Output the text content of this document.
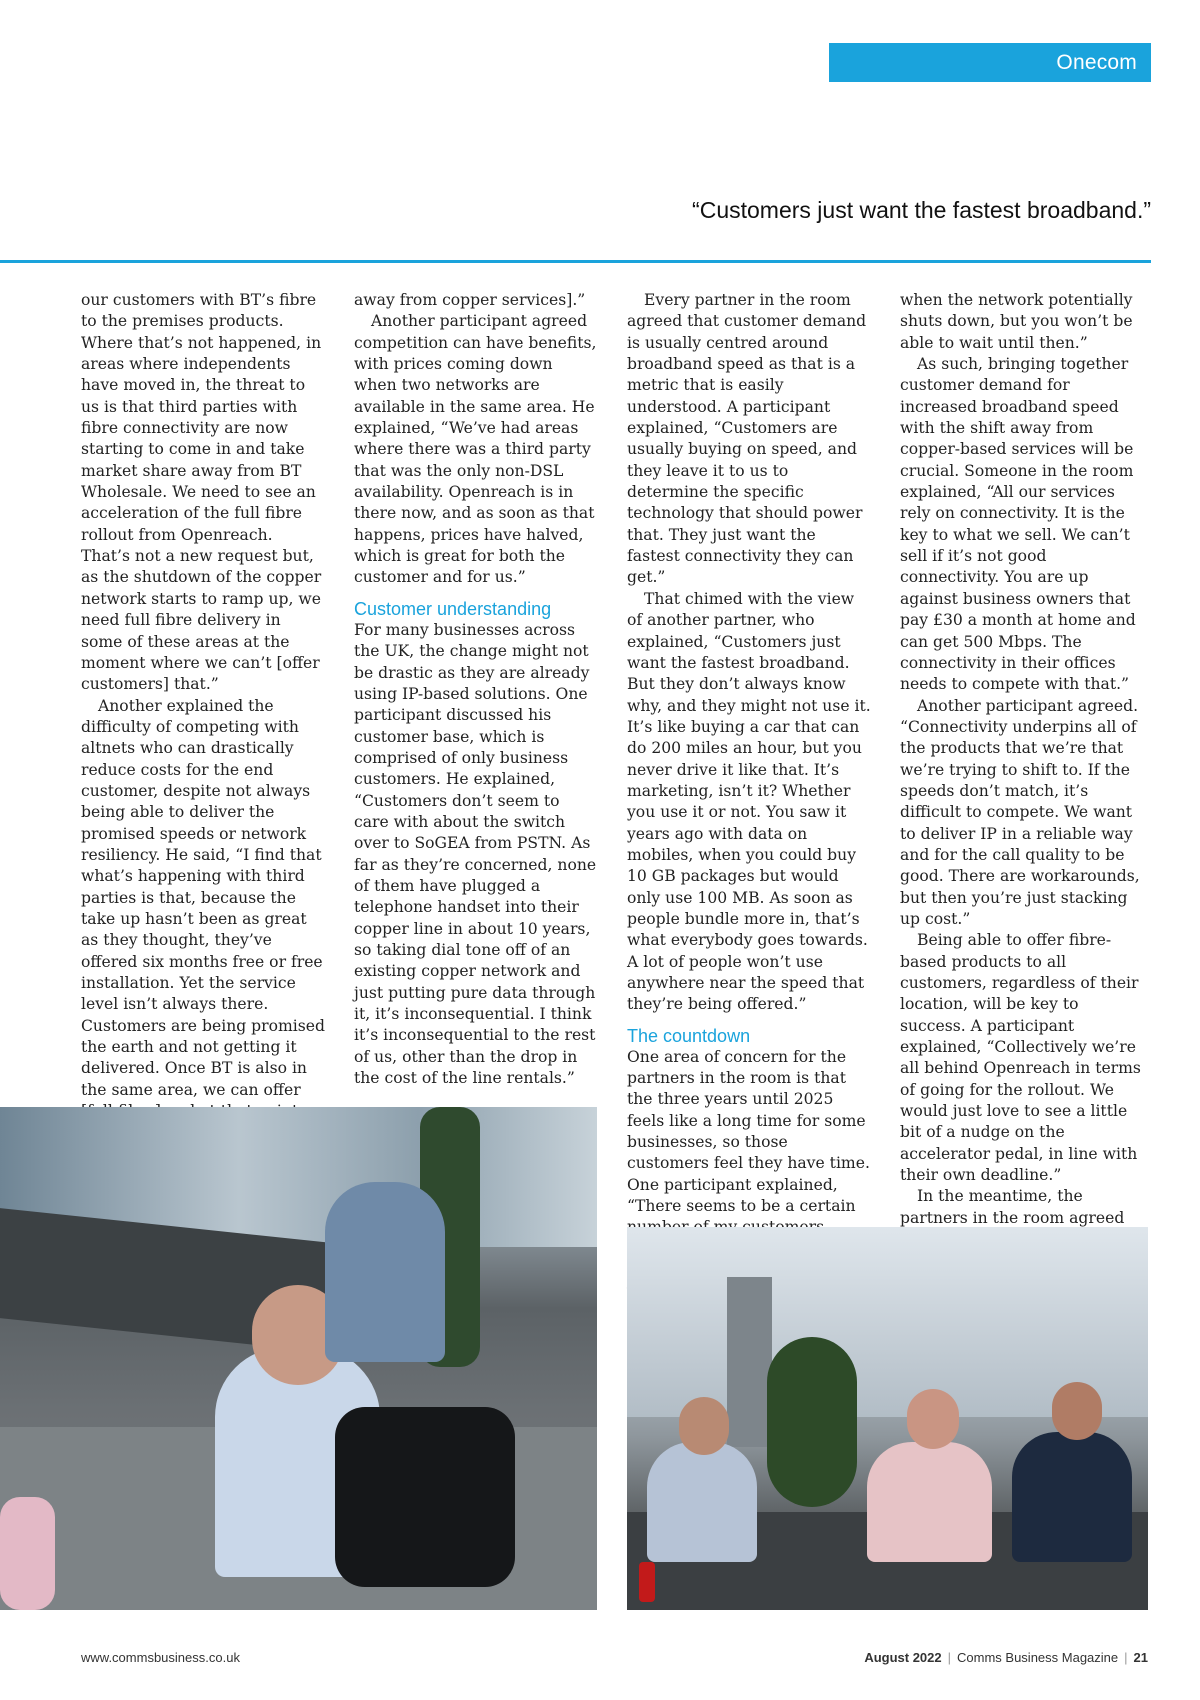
Onecom Partners ADVERTORIAL
“Customers just want the fastest broadband.”

our customers with BT’s fibre to the premises products. Where that’s not happened, in areas where independents have moved in, the threat to us is that third parties with fibre connectivity are now starting to come in and take market share away from BT Wholesale. We need to see an acceleration of the full fibre rollout from Openreach. That’s not a new request but, as the shutdown of the copper network starts to ramp up, we need full fibre delivery in some of these areas at the moment where we can’t [offer customers] that.”

Another explained the difficulty of competing with altnets who can drastically reduce costs for the end customer, despite not always being able to deliver the promised speeds or network resiliency. He said, “I find that what’s happening with third parties is that, because the take up hasn’t been as great as they thought, they’ve offered six months free or free installation. Yet the service level isn’t always there. Customers are being promised the earth and not getting it delivered. Once BT is also in the same area, we can offer

away from copper services].”

Another participant agreed competition can have benefits, with prices coming down when two networks are available in the same area. He explained, “We’ve had areas where there was a third party that was the only non-DSL availability. Openreach is in there now, and as soon as that happens, prices have halved, which is great for both the customer and for us.”

Customer understanding

For many businesses across the UK, the change might not be drastic as they are already using IP-based solutions. One participant discussed his customer base, which is comprised of only business customers. He explained, “Customers don’t seem to care with about the switch over to SoGEA from PSTN. As far as they’re concerned, none of them have plugged a telephone handset into their copper line in about 10 years, so taking dial tone off of an existing copper network and just putting pure data through it, it’s inconsequential. I think it’s inconsequential to the rest of us, other than the drop in the cost of the line rentals.”

Every partner in the room agreed that customer demand is usually centred around broadband speed as that is a metric that is easily understood. A participant explained, “Customers are usually buying on speed, and they leave it to us to determine the specific technology that should power that. They just want the fastest connectivity they can get.”

That chimed with the view of another partner, who explained, “Customers just want the fastest broadband. But they don’t always know why, and they might not use it. It’s like buying a car that can do 200 miles an hour, but you never drive it like that. It’s marketing, isn’t it? Whether you use it or not. You saw it years ago with data on mobiles, when you could buy 10 GB packages but would only use 100 MB. As soon as people bundle more in, that’s what everybody goes towards. A lot of people won’t use anywhere near the speed that they’re being offered.”

The countdown

One area of concern for the partners in the room is that the three years until 2025 feels like a long time for some businesses, so those customers feel they have time. One participant explained, “There seems to be a certain

when the network potentially shuts down, but you won’t be able to wait until then.”

As such, bringing together customer demand for increased broadband speed with the shift away from copper-based services will be crucial. Someone in the room explained, “All our services rely on connectivity. It is the key to what we sell. We can’t sell if it’s not good connectivity. You are up against business owners that pay £30 a month at home and can get 500 Mbps. The connectivity in their offices needs to compete with that.”

Another participant agreed. “Connectivity underpins all of the products that we’re that we’re trying to shift to. If the speeds don’t match, it’s difficult to compete. We want to deliver IP in a reliable way and for the call quality to be good. There are workarounds, but then you’re just stacking up cost.”

Being able to offer fibre-based products to all customers, regardless of their location, will be key to success. A participant explained, “Collectively we’re all behind Openreach in terms of going for the rollout. We would just love to see a little bit of a nudge on the accelerator pedal, in line with their own deadline.”

In the meantime, the partners in the room agreed

www.commsbusiness.co.uk	August 2022 | Comms Business Magazine | 21
